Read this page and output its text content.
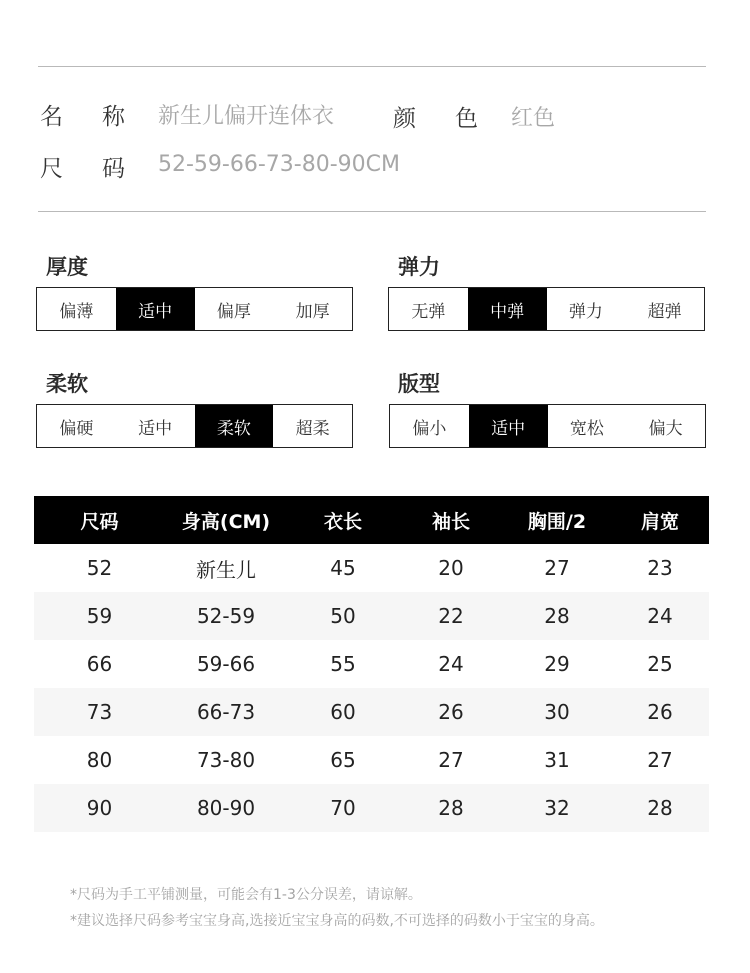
名 称 新生儿偏开连体衣	颜 色 红色
尺 码 52-59-66-73-80-90CM
厚度
偏薄	适中	偏厚	加厚
弹力
无弹	中弹	弹力	超弹
柔软
偏硬	适中	柔软	超柔
版型
偏小	适中	宽松	偏大
尺码	身高(CM)	衣长	袖长	胸围/2	肩宽
52	新生儿	45	20	27	23
59	52-59	50	22	28	24
66	59-66	55	24	29	25
73	66-73	60	26	30	26
80	73-80	65	27	31	27
90	80-90	70	28	32	28
*尺码为手工平铺测量，可能会有1-3公分误差，请谅解。
*建议选择尺码参考宝宝身高,选接近宝宝身高的码数,不可选择的码数小于宝宝的身高。
